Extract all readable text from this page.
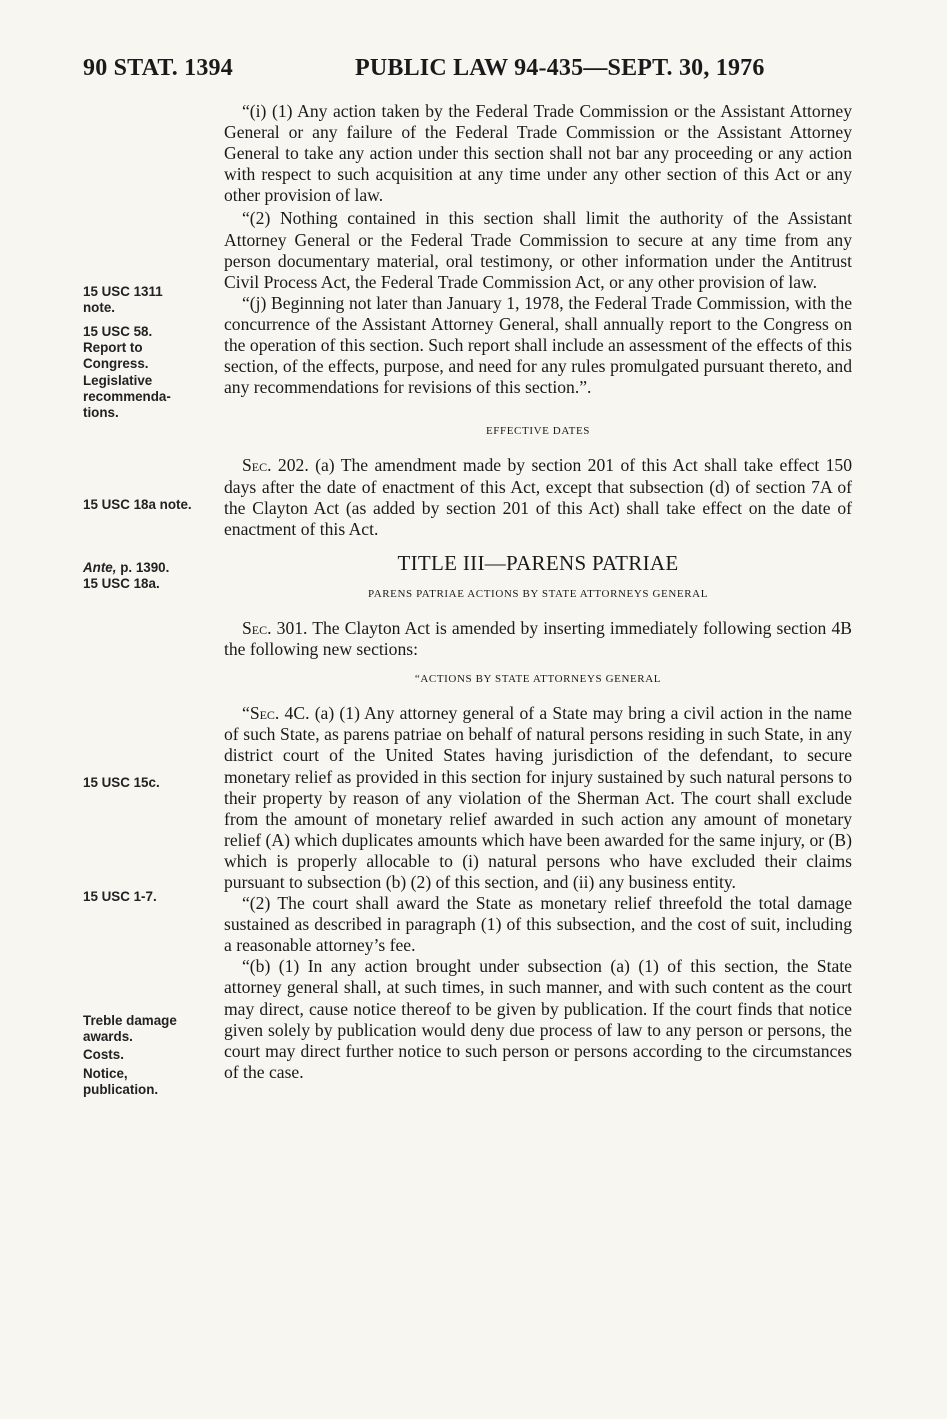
90 STAT. 1394	PUBLIC LAW 94-435—SEPT. 30, 1976
15 USC 1311
note.
15 USC 58.
Report to
Congress.
Legislative
recommenda-
tions.
15 USC 18a note.
Ante, p. 1390.
15 USC 18a.
15 USC 15c.
15 USC 1-7.
Treble damage
awards.
Costs.
Notice,
publication.

“(i) (1) Any action taken by the Federal Trade Commission or the Assistant Attorney General or any failure of the Federal Trade Commission or the Assistant Attorney General to take any action under this section shall not bar any proceeding or any action with respect to such acquisition at any time under any other section of this Act or any other provision of law.

“(2) Nothing contained in this section shall limit the authority of the Assistant Attorney General or the Federal Trade Commission to secure at any time from any person documentary material, oral testimony, or other information under the Antitrust Civil Process Act, the Federal Trade Commission Act, or any other provision of law.

“(j) Beginning not later than January 1, 1978, the Federal Trade Commission, with the concurrence of the Assistant Attorney General, shall annually report to the Congress on the operation of this section. Such report shall include an assessment of the effects of this section, of the effects, purpose, and need for any rules promulgated pursuant thereto, and any recommendations for revisions of this section.”.

EFFECTIVE DATES

Sec. 202. (a) The amendment made by section 201 of this Act shall take effect 150 days after the date of enactment of this Act, except that subsection (d) of section 7A of the Clayton Act (as added by section 201 of this Act) shall take effect on the date of enactment of this Act.

TITLE III—PARENS PATRIAE

PARENS PATRIAE ACTIONS BY STATE ATTORNEYS GENERAL

Sec. 301. The Clayton Act is amended by inserting immediately following section 4B the following new sections:

“ACTIONS BY STATE ATTORNEYS GENERAL

“Sec. 4C. (a) (1) Any attorney general of a State may bring a civil action in the name of such State, as parens patriae on behalf of natural persons residing in such State, in any district court of the United States having jurisdiction of the defendant, to secure monetary relief as provided in this section for injury sustained by such natural persons to their property by reason of any violation of the Sherman Act. The court shall exclude from the amount of monetary relief awarded in such action any amount of monetary relief (A) which duplicates amounts which have been awarded for the same injury, or (B) which is properly allocable to (i) natural persons who have excluded their claims pursuant to subsection (b) (2) of this section, and (ii) any business entity.

“(2) The court shall award the State as monetary relief threefold the total damage sustained as described in paragraph (1) of this subsection, and the cost of suit, including a reasonable attorney’s fee.

“(b) (1) In any action brought under subsection (a) (1) of this section, the State attorney general shall, at such times, in such manner, and with such content as the court may direct, cause notice thereof to be given by publication. If the court finds that notice given solely by publication would deny due process of law to any person or persons, the court may direct further notice to such person or persons according to the circumstances of the case.
